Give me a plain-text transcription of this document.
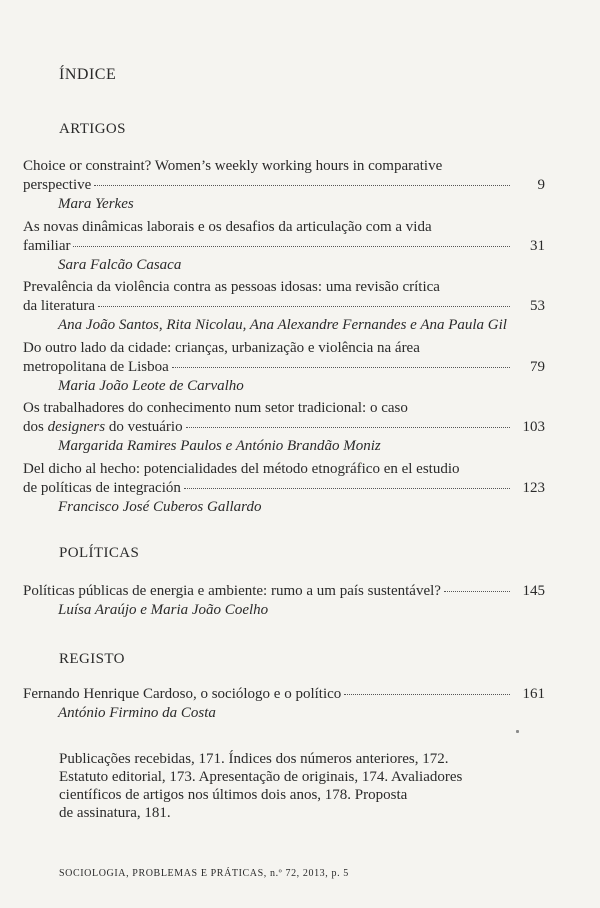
ÍNDICE
ARTIGOS
Choice or constraint? Women’s weekly working hours in comparative
perspective	9
Mara Yerkes
As novas dinâmicas laborais e os desafios da articulação com a vida
familiar	31
Sara Falcão Casaca
Prevalência da violência contra as pessoas idosas: uma revisão crítica
da literatura	53
Ana João Santos, Rita Nicolau, Ana Alexandre Fernandes e Ana Paula Gil
Do outro lado da cidade: crianças, urbanização e violência na área
metropolitana de Lisboa	79
Maria João Leote de Carvalho
Os trabalhadores do conhecimento num setor tradicional: o caso
dos designers do vestuário	103
Margarida Ramires Paulos e António Brandão Moniz
Del dicho al hecho: potencialidades del método etnográfico en el estudio
de políticas de integración	123
Francisco José Cuberos Gallardo
POLÍTICAS
Políticas públicas de energia e ambiente: rumo a um país sustentável?	145
Luísa Araújo e Maria João Coelho
REGISTO
Fernando Henrique Cardoso, o sociólogo e o político	161
António Firmino da Costa
Publicações recebidas, 171. Índices dos números anteriores, 172.
Estatuto editorial, 173. Apresentação de originais, 174. Avaliadores
científicos de artigos nos últimos dois anos, 178. Proposta
de assinatura, 181.
SOCIOLOGIA, PROBLEMAS E PRÁTICAS, n.º 72, 2013, p. 5
